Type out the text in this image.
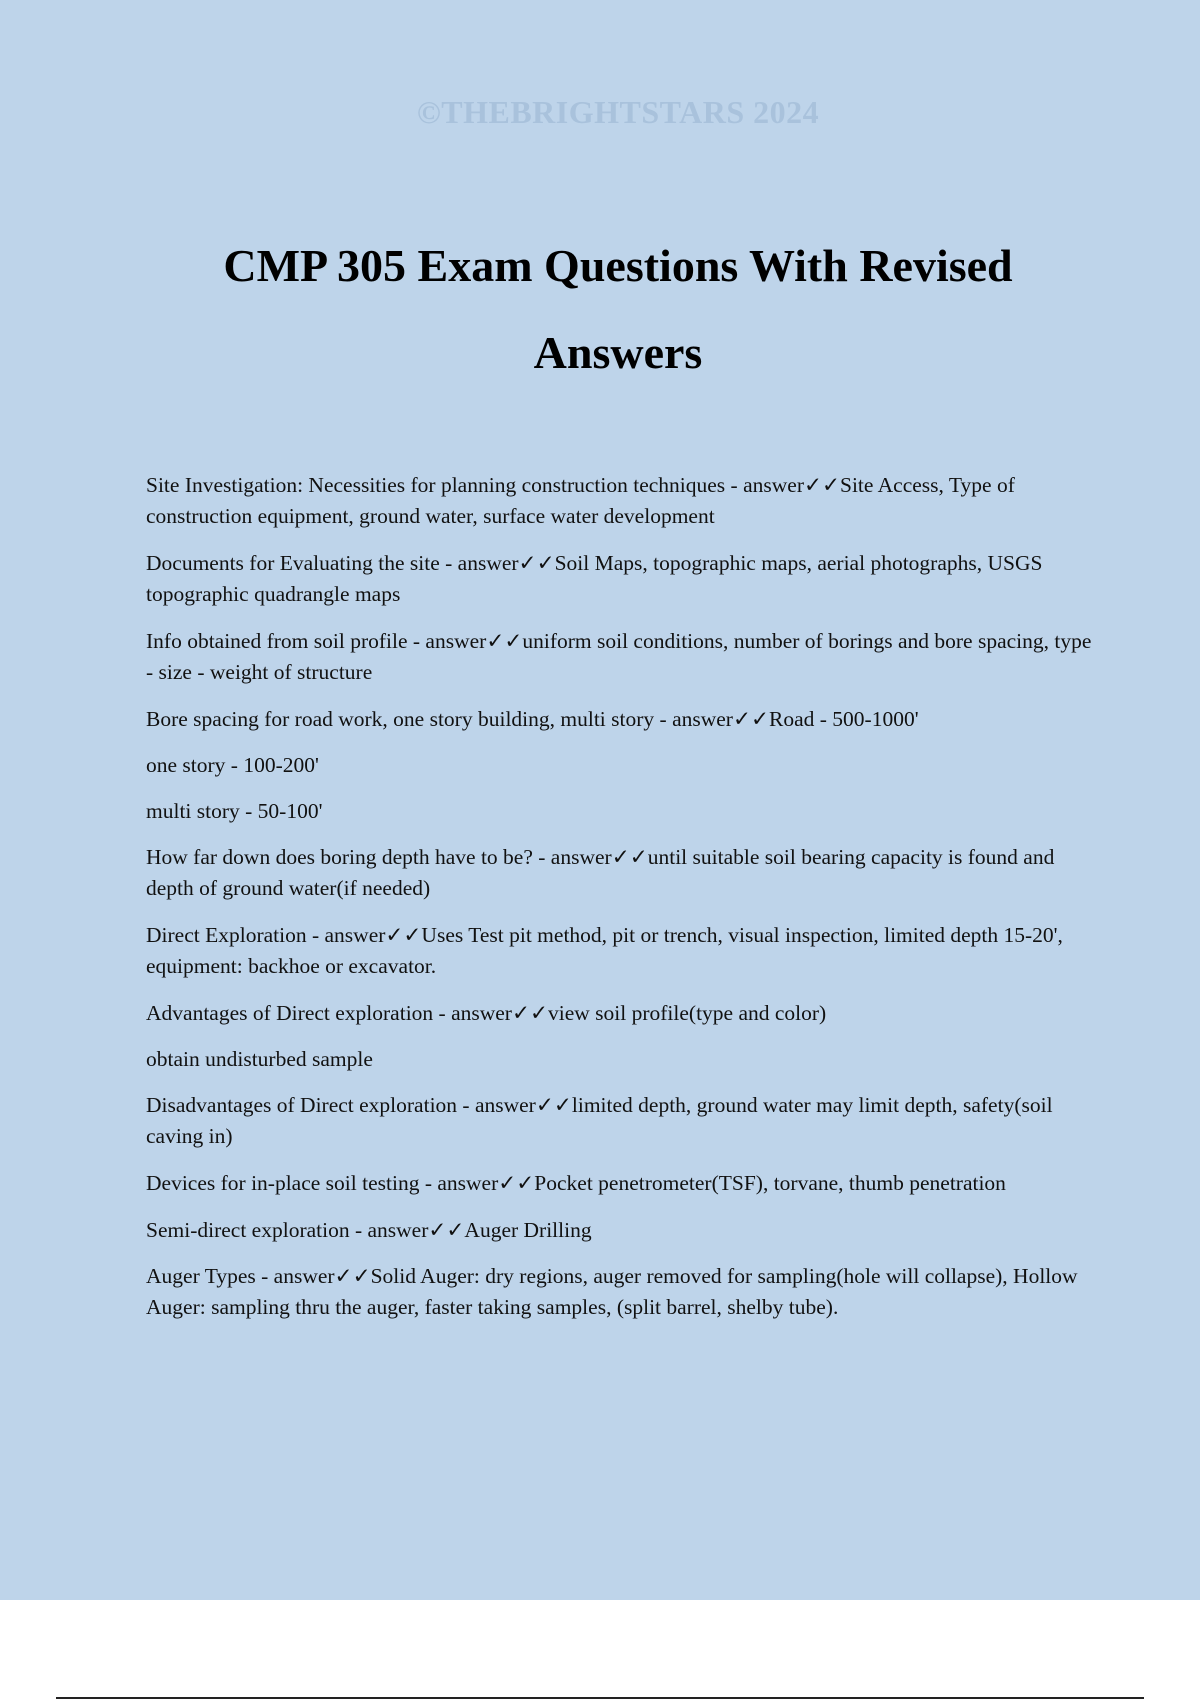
©THEBRIGHTSTARS 2024
CMP 305 Exam Questions With Revised Answers

Site Investigation: Necessities for planning construction techniques - answer✓✓Site Access, Type of construction equipment, ground water, surface water development

Documents for Evaluating the site - answer✓✓Soil Maps, topographic maps, aerial photographs, USGS topographic quadrangle maps

Info obtained from soil profile - answer✓✓uniform soil conditions, number of borings and bore spacing, type - size - weight of structure

Bore spacing for road work, one story building, multi story - answer✓✓Road - 500-1000'

one story - 100-200'

multi story - 50-100'

How far down does boring depth have to be? - answer✓✓until suitable soil bearing capacity is found and depth of ground water(if needed)

Direct Exploration - answer✓✓Uses Test pit method, pit or trench, visual inspection, limited depth 15-20', equipment: backhoe or excavator.

Advantages of Direct exploration - answer✓✓view soil profile(type and color)

obtain undisturbed sample

Disadvantages of Direct exploration - answer✓✓limited depth, ground water may limit depth, safety(soil caving in)

Devices for in-place soil testing - answer✓✓Pocket penetrometer(TSF), torvane, thumb penetration

Semi-direct exploration - answer✓✓Auger Drilling

Auger Types - answer✓✓Solid Auger: dry regions, auger removed for sampling(hole will collapse), Hollow Auger: sampling thru the auger, faster taking samples, (split barrel, shelby tube).
